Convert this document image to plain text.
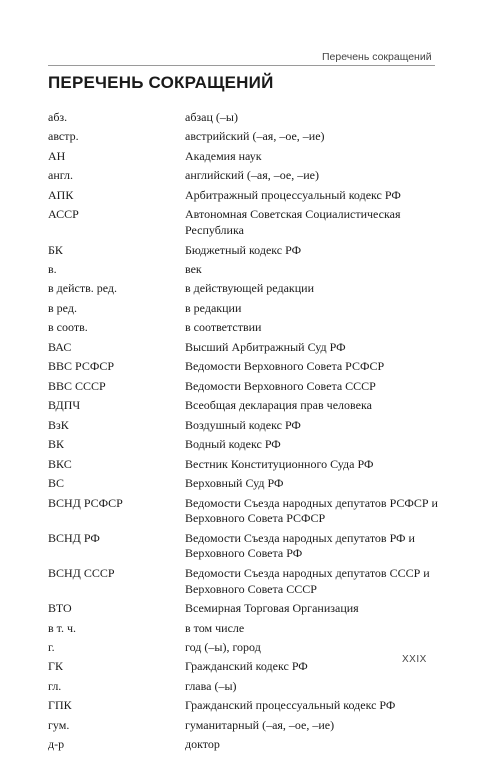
Перечень сокращений
ПЕРЕЧЕНЬ СОКРАЩЕНИЙ
абз.	абзац (–ы)
австр.	австрийский (–ая, –ое, –ие)
АН	Академия наук
англ.	английский (–ая, –ое, –ие)
АПК	Арбитражный процессуальный кодекс РФ
АССР	Автономная Советская Социалистическая Республика
БК	Бюджетный кодекс РФ
в.	век
в действ. ред.	в действующей редакции
в ред.	в редакции
в соотв.	в соответствии
ВАС	Высший Арбитражный Суд РФ
ВВС РСФСР	Ведомости Верховного Совета РСФСР
ВВС СССР	Ведомости Верховного Совета СССР
ВДПЧ	Всеобщая декларация прав человека
ВзК	Воздушный кодекс РФ
ВК	Водный кодекс РФ
ВКС	Вестник Конституционного Суда РФ
ВС	Верховный Суд РФ
ВСНД РСФСР	Ведомости Съезда народных депутатов РСФСР и Верховного Совета РСФСР
ВСНД РФ	Ведомости Съезда народных депутатов РФ и Верховного Совета РФ
ВСНД СССР	Ведомости Съезда народных депутатов СССР и Верховного Совета СССР
ВТО	Всемирная Торговая Организация
в т. ч.	в том числе
г.	год (–ы), город
ГК	Гражданский кодекс РФ
гл.	глава (–ы)
ГПК	Гражданский процессуальный кодекс РФ
гум.	гуманитарный (–ая, –ое, –ие)
д-р	доктор
XXIX
